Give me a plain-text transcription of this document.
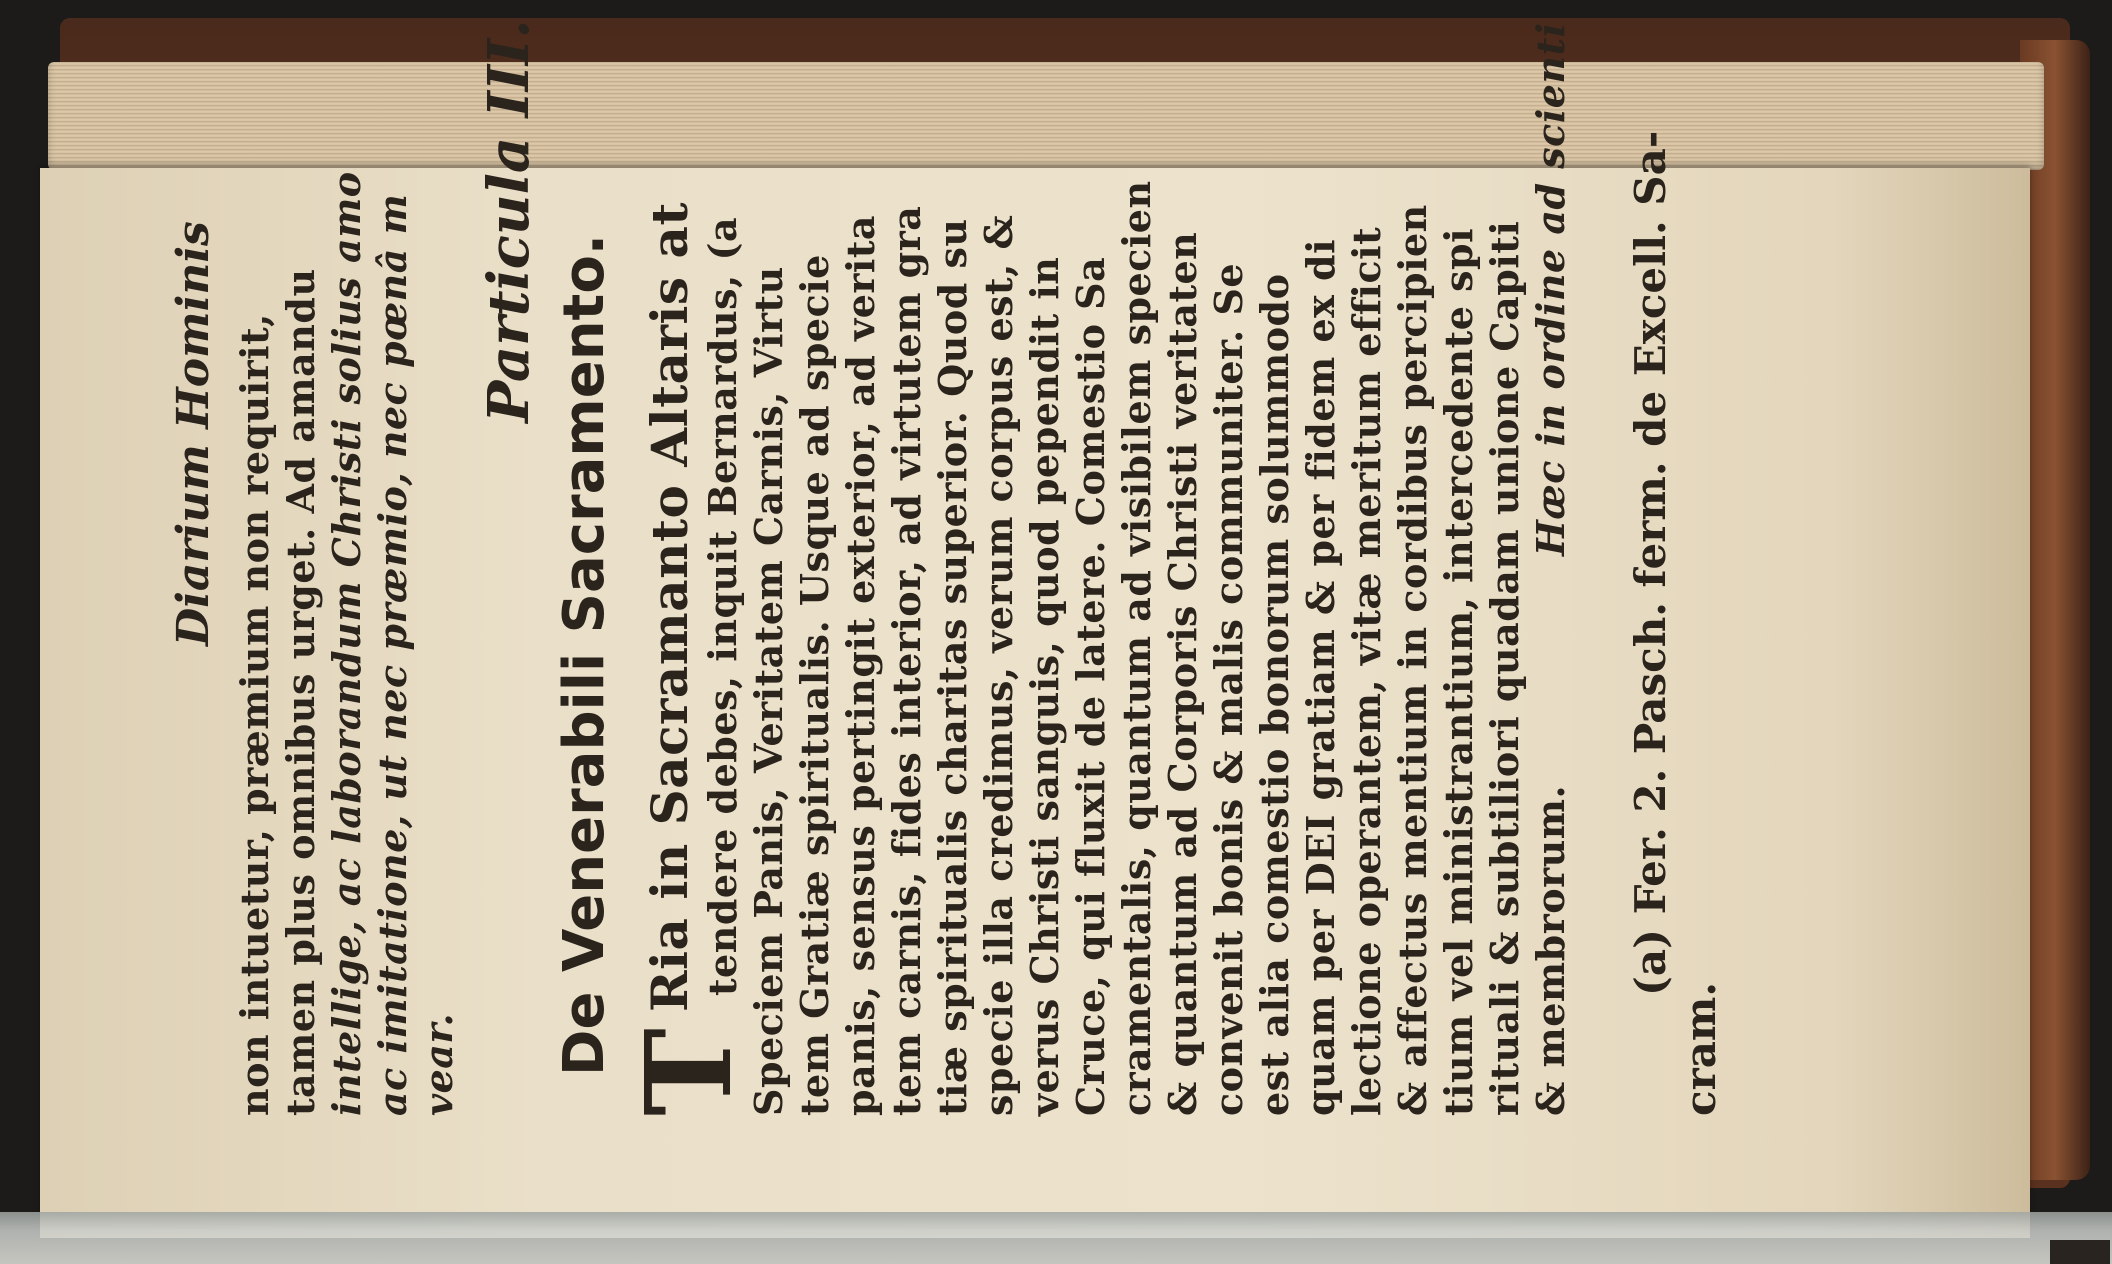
Diarium Hominis non intuetur, præmium non requirit, tamen plus omnibus urget. Ad amandu intellige, ac laborandum Christi solius amo ac imitatione, ut nec præmio, nec pœnâ m vear.
Particula III.
De Venerabili Sacramento. T
Ria in Sacramanto Altaris at tendere debes, inquit Bernardus, (a Speciem Panis, Veritatem Carnis, Virtu tem Gratiæ spiritualis. Usque ad specie panis, sensus pertingit exterior, ad verita tem carnis, fides interior, ad virtutem gra tiæ spiritualis charitas superior. Quod su specie illa credimus, verum corpus est, & verus Christi sanguis, quod pependit in Cruce, qui fluxit de latere. Comestio Sa cramentalis, quantum ad visibilem specien & quantum ad Corporis Christi veritaten convenit bonis & malis communiter. Se est alia comestio bonorum solummodo quam per DEI gratiam & per fidem ex di lectione operantem, vitæ meritum efficit & affectus mentium in cordibus percipien tium vel ministrantium, intercedente spi rituali & subtiliori quadam unione Capiti & membrorum.
Hæc in ordine ad scienti (a) Fer. 2. Pasch. ferm. de Excell. Sa-
cram.
